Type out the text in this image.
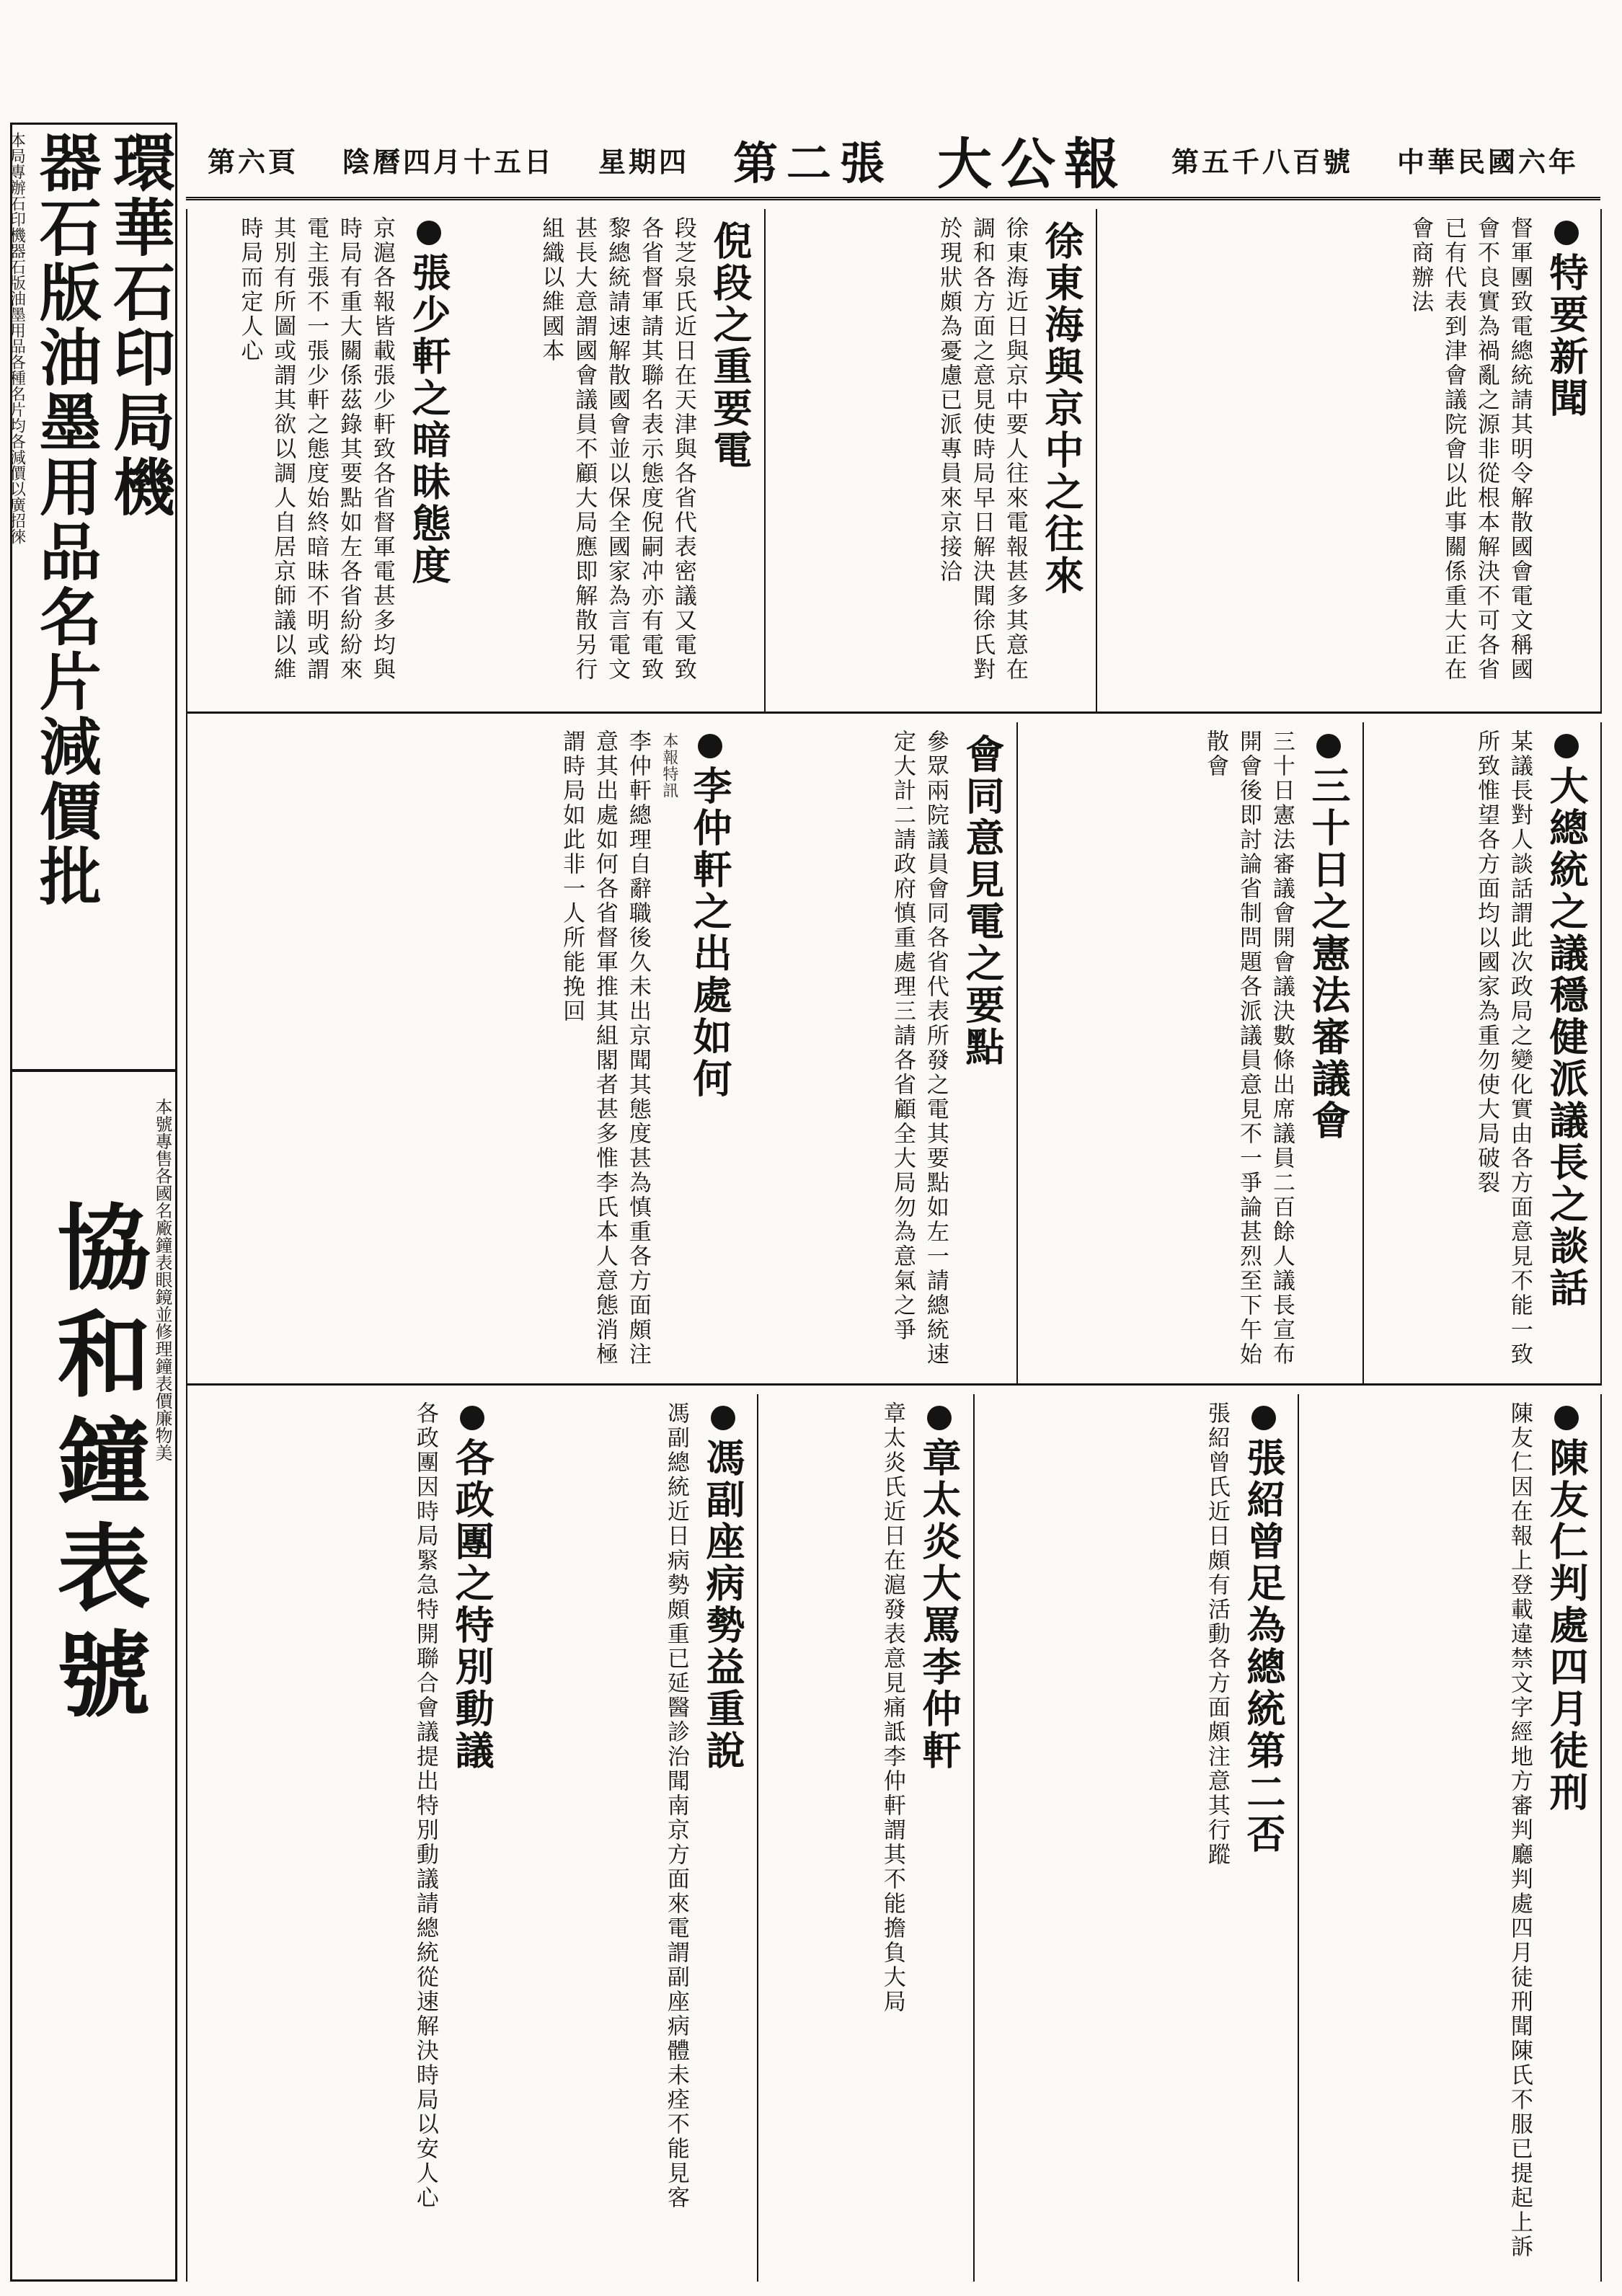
中華民國六年
第五千八百號
大公報
第二張
星期四
陰曆四月十五日
第六頁
特要新聞
督軍團致電總統請其明令解散國會電文稱國會不良實為禍亂之源非從根本解決不可各省已有代表到津會議院會以此事關係重大正在會商辦法
徐東海與京中之往來
徐東海近日與京中要人往來電報甚多其意在調和各方面之意見使時局早日解決聞徐氏對於現狀頗為憂慮已派專員來京接洽
倪段之重要電
段芝泉氏近日在天津與各省代表密議又電致各省督軍請其聯名表示態度倪嗣冲亦有電致黎總統請速解散國會並以保全國家為言電文甚長大意謂國會議員不顧大局應即解散另行組織以維國本
張少軒之暗昧態度
京滬各報皆載張少軒致各省督軍電甚多均與時局有重大關係茲錄其要點如左各省紛紛來電主張不一張少軒之態度始終暗昧不明或謂其別有所圖或謂其欲以調人自居京師議以維時局而定人心
大總統之議穩健派議長之談話
某議長對人談話謂此次政局之變化實由各方面意見不能一致所致惟望各方面均以國家為重勿使大局破裂
三十日之憲法審議會
三十日憲法審議會開會議決數條出席議員二百餘人議長宣布開會後即討論省制問題各派議員意見不一爭論甚烈至下午始散會
會同意見電之要點
參眾兩院議員會同各省代表所發之電其要點如左一請總統速定大計二請政府慎重處理三請各省顧全大局勿為意氣之爭
李仲軒之出處如何
本報特訊
李仲軒總理自辭職後久未出京聞其態度甚為慎重各方面頗注意其出處如何各省督軍推其組閣者甚多惟李氏本人意態消極謂時局如此非一人所能挽回
陳友仁判處四月徒刑
陳友仁因在報上登載違禁文字經地方審判廳判處四月徒刑聞陳氏不服已提起上訴
張紹曾足為總統第二否
張紹曾氏近日頗有活動各方面頗注意其行蹤
章太炎大罵李仲軒
章太炎氏近日在滬發表意見痛詆李仲軒謂其不能擔負大局
馮副座病勢益重說
馮副總統近日病勢頗重已延醫診治聞南京方面來電謂副座病體未痊不能見客
各政團之特別動議
各政團因時局緊急特開聯合會議提出特別動議請總統從速解決時局以安人心
環華石印局機
器石版油墨用品名片減價批
本局專辦石印機器石版油墨用品各種名片均各減價以廣招徠
本號專售各國名廠鐘表眼鏡並修理鐘表價廉物美
協和鐘表號
